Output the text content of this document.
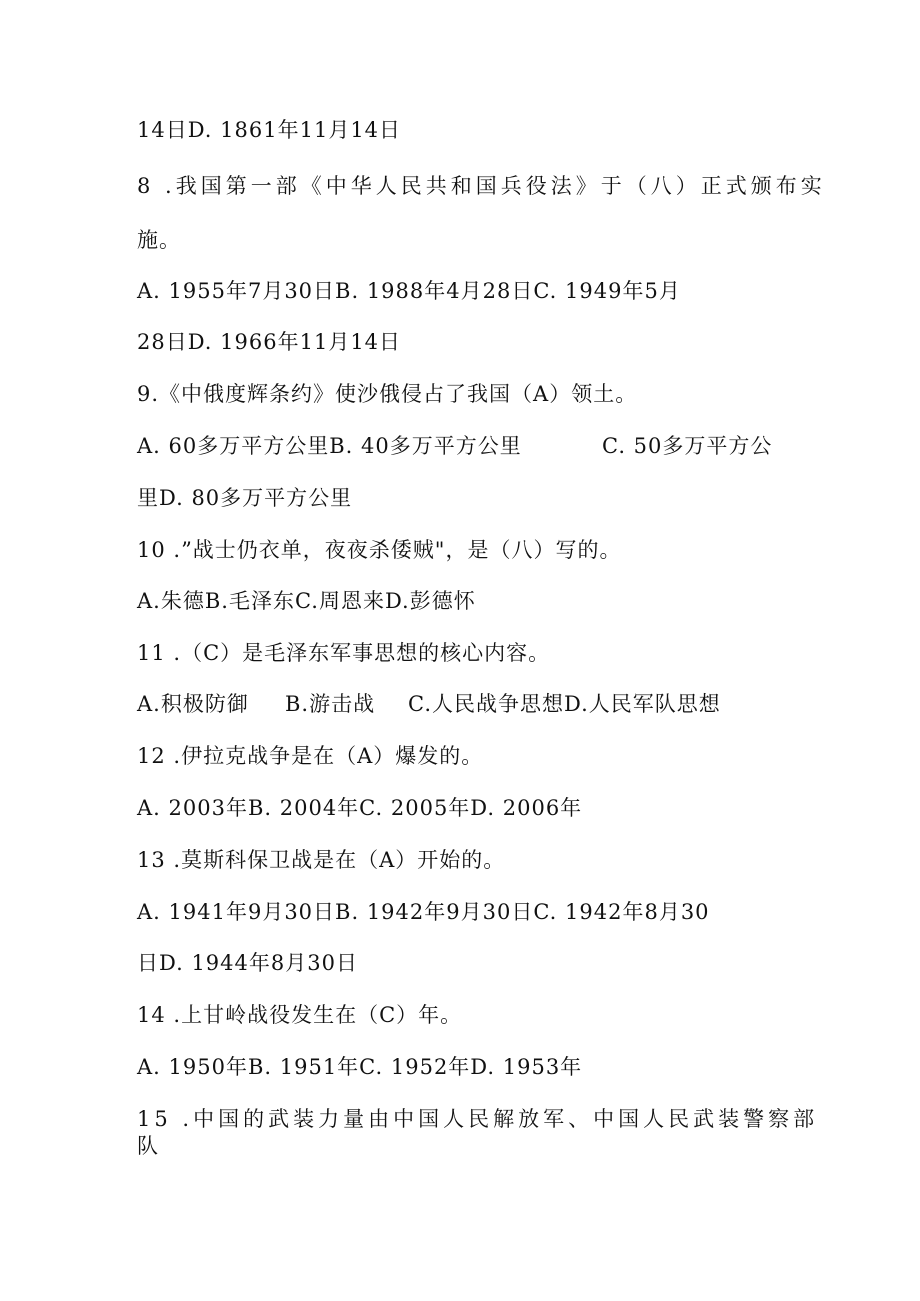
14日D. 1861年11月14日
8 .我国第一部《中华人民共和国兵役法》于（八）正式颁布实
施。
A. 1955年7月30日B. 1988年4月28日C. 1949年5月
28日D. 1966年11月14日
9.《中俄度辉条约》使沙俄侵占了我国（A）领土。
A. 60多万平方公里B. 40多万平方公里	C. 50多万平方公
里D. 80多万平方公里
10 .”战士仍衣单，夜夜杀倭贼"，是（八）写的。
A.朱德B.毛泽东C.周恩来D.彭德怀
11 .（C）是毛泽东军事思想的核心内容。
A.积极防御 B.游击战 C.人民战争思想D.人民军队思想
12 .伊拉克战争是在（A）爆发的。
A. 2003年B. 2004年C. 2005年D. 2006年
13 .莫斯科保卫战是在（A）开始的。
A. 1941年9月30日B. 1942年9月30日C. 1942年8月30
日D. 1944年8月30日
14 .上甘岭战役发生在（C）年。
A. 1950年B. 1951年C. 1952年D. 1953年
15 .中国的武装力量由中国人民解放军、中国人民武装警察部
队
